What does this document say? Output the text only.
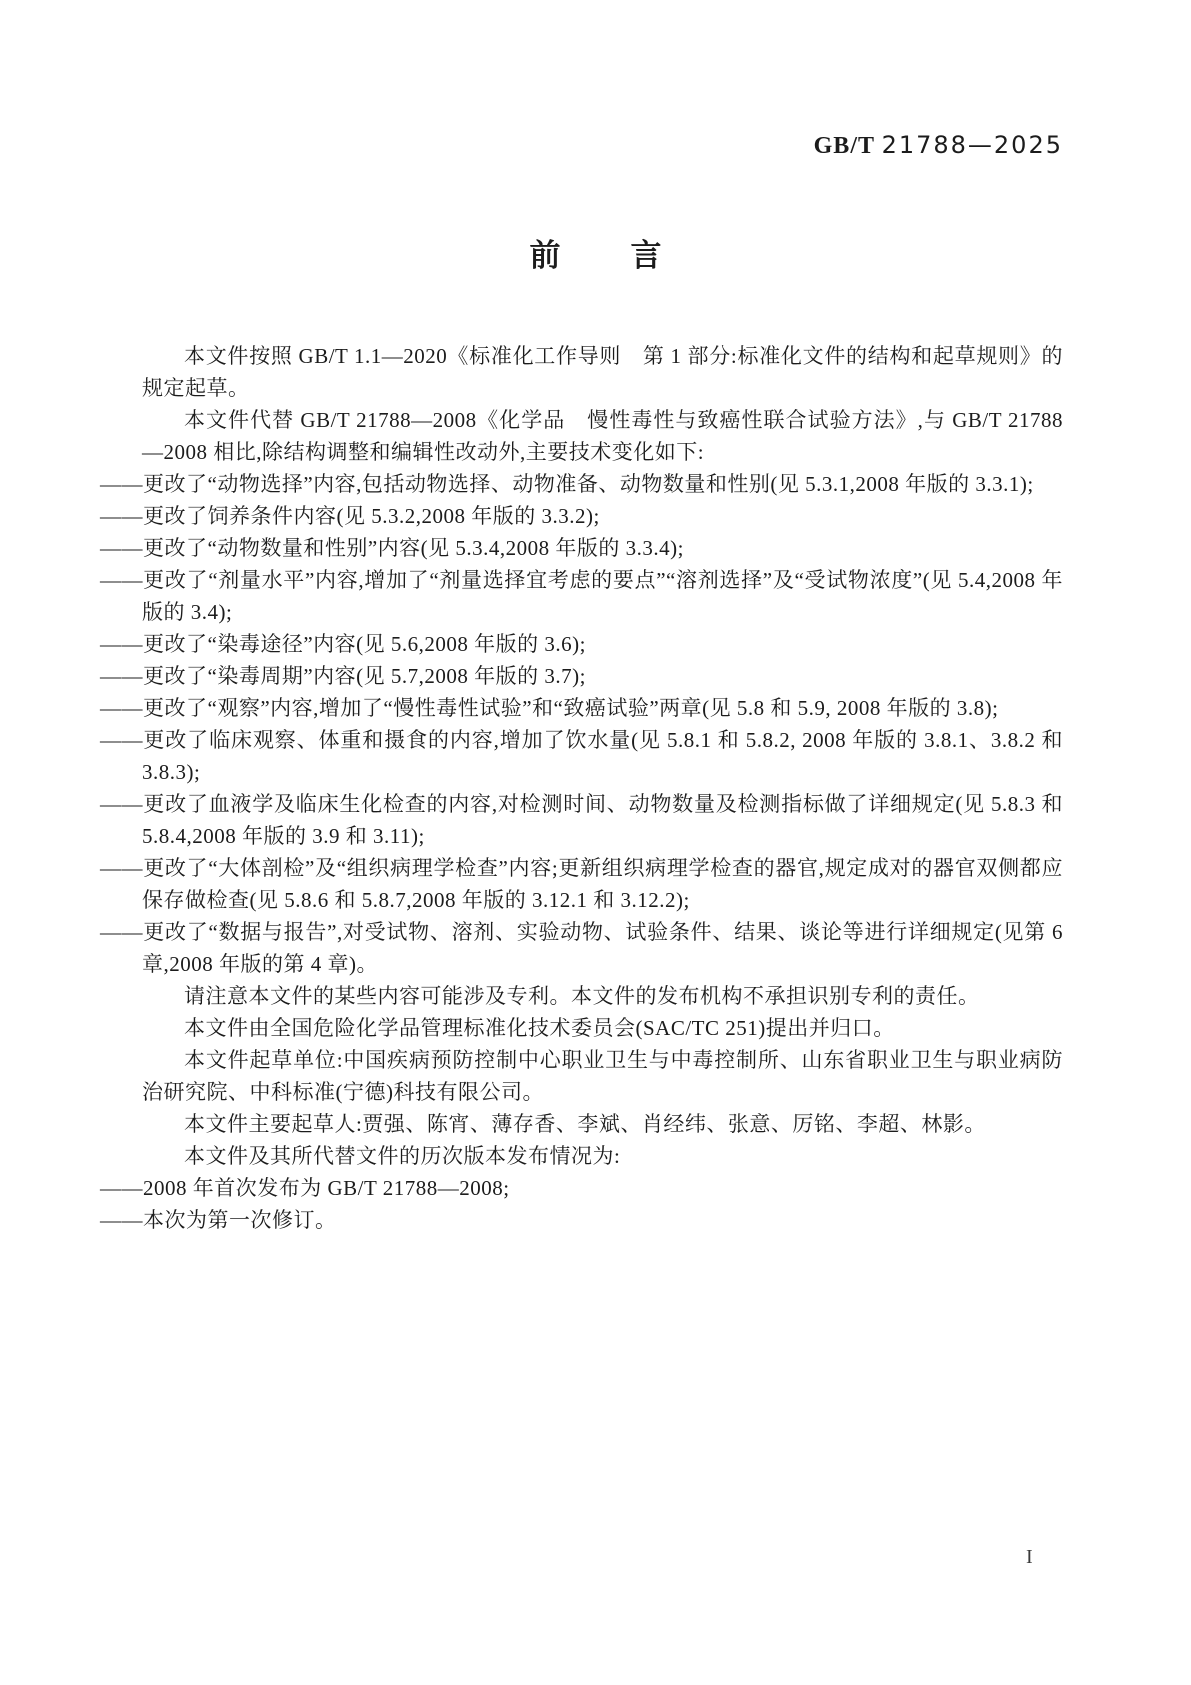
GB/T 21788—2025
前 言

本文件按照 GB/T 1.1—2020《标准化工作导则　第 1 部分:标准化文件的结构和起草规则》的规定起草。

本文件代替 GB/T 21788—2008《化学品　慢性毒性与致癌性联合试验方法》,与 GB/T 21788—2008 相比,除结构调整和编辑性改动外,主要技术变化如下:

——更改了“动物选择”内容,包括动物选择、动物准备、动物数量和性别(见 5.3.1,2008 年版的 3.3.1);

——更改了饲养条件内容(见 5.3.2,2008 年版的 3.3.2);

——更改了“动物数量和性别”内容(见 5.3.4,2008 年版的 3.3.4);

——更改了“剂量水平”内容,增加了“剂量选择宜考虑的要点”“溶剂选择”及“受试物浓度”(见 5.4,2008 年版的 3.4);

——更改了“染毒途径”内容(见 5.6,2008 年版的 3.6);

——更改了“染毒周期”内容(见 5.7,2008 年版的 3.7);

——更改了“观察”内容,增加了“慢性毒性试验”和“致癌试验”两章(见 5.8 和 5.9, 2008 年版的 3.8);

——更改了临床观察、体重和摄食的内容,增加了饮水量(见 5.8.1 和 5.8.2, 2008 年版的 3.8.1、3.8.2 和 3.8.3);

——更改了血液学及临床生化检查的内容,对检测时间、动物数量及检测指标做了详细规定(见 5.8.3 和 5.8.4,2008 年版的 3.9 和 3.11);

——更改了“大体剖检”及“组织病理学检查”内容;更新组织病理学检查的器官,规定成对的器官双侧都应保存做检查(见 5.8.6 和 5.8.7,2008 年版的 3.12.1 和 3.12.2);

——更改了“数据与报告”,对受试物、溶剂、实验动物、试验条件、结果、谈论等进行详细规定(见第 6 章,2008 年版的第 4 章)。

请注意本文件的某些内容可能涉及专利。本文件的发布机构不承担识别专利的责任。

本文件由全国危险化学品管理标准化技术委员会(SAC/TC 251)提出并归口。

本文件起草单位:中国疾病预防控制中心职业卫生与中毒控制所、山东省职业卫生与职业病防治研究院、中科标准(宁德)科技有限公司。

本文件主要起草人:贾强、陈宵、薄存香、李斌、肖经纬、张意、厉铭、李超、林影。

本文件及其所代替文件的历次版本发布情况为:

——2008 年首次发布为 GB/T 21788—2008;

——本次为第一次修订。

I
